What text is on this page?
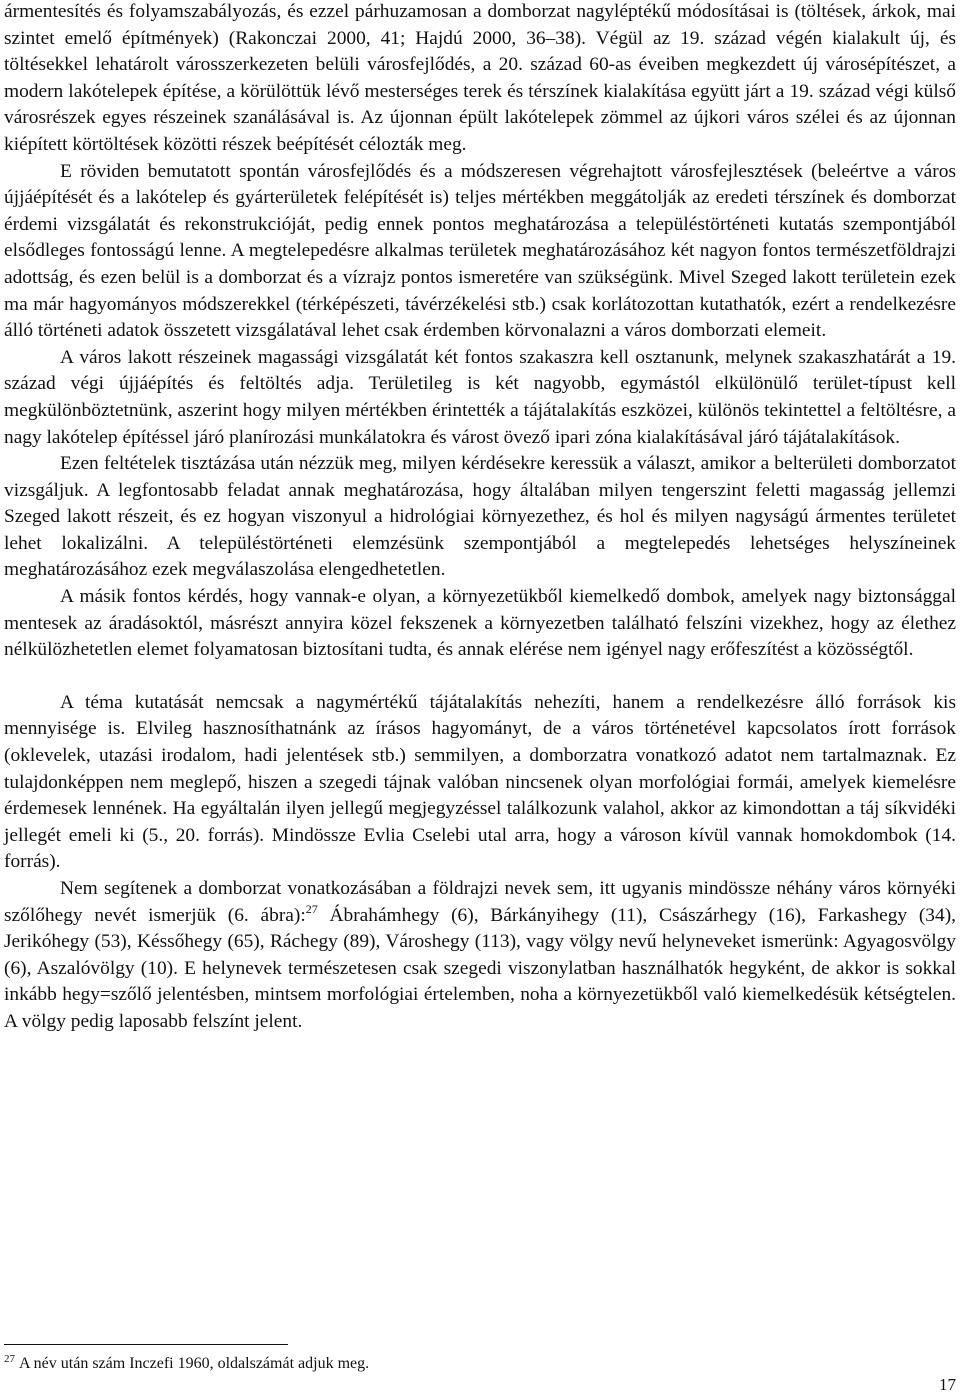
ármentesítés és folyamszabályozás, és ezzel párhuzamosan a domborzat nagyléptékű módosításai is (töltések, árkok, mai szintet emelő építmények) (Rakonczai 2000, 41; Hajdú 2000, 36–38). Végül az 19. század végén kialakult új, és töltésekkel lehatárolt városszerkezeten belüli városfejlődés, a 20. század 60-as éveiben megkezdett új városépítészet, a modern lakótelepek építése, a körülöttük lévő mesterséges terek és térszínek kialakítása együtt járt a 19. század végi külső városrészek egyes részeinek szanálásával is. Az újonnan épült lakótelepek zömmel az újkori város szélei és az újonnan kiépített körtöltések közötti részek beépítését célozták meg.

E röviden bemutatott spontán városfejlődés és a módszeresen végrehajtott városfejlesztések (beleértve a város újjáépítését és a lakótelep és gyárterületek felépítését is) teljes mértékben meggátolják az eredeti térszínek és domborzat érdemi vizsgálatát és rekonstrukcióját, pedig ennek pontos meghatározása a településtörténeti kutatás szempontjából elsődleges fontosságú lenne. A megtelepedésre alkalmas területek meghatározásához két nagyon fontos természetföldrajzi adottság, és ezen belül is a domborzat és a vízrajz pontos ismeretére van szükségünk. Mivel Szeged lakott területein ezek ma már hagyományos módszerekkel (térképészeti, távérzékelési stb.) csak korlátozottan kutathatók, ezért a rendelkezésre álló történeti adatok összetett vizsgálatával lehet csak érdemben körvonalazni a város domborzati elemeit.

A város lakott részeinek magassági vizsgálatát két fontos szakaszra kell osztanunk, melynek szakaszhatárát a 19. század végi újjáépítés és feltöltés adja. Területileg is két nagyobb, egymástól elkülönülő terület-típust kell megkülönböztetnünk, aszerint hogy milyen mértékben érintették a tájátalakítás eszközei, különös tekintettel a feltöltésre, a nagy lakótelep építéssel járó planírozási munkálatokra és várost övező ipari zóna kialakításával járó tájátalakítások.

Ezen feltételek tisztázása után nézzük meg, milyen kérdésekre keressük a választ, amikor a belterületi domborzatot vizsgáljuk. A legfontosabb feladat annak meghatározása, hogy általában milyen tengerszint feletti magasság jellemzi Szeged lakott részeit, és ez hogyan viszonyul a hidrológiai környezethez, és hol és milyen nagyságú ármentes területet lehet lokalizálni. A településtörténeti elemzésünk szempontjából a megtelepedés lehetséges helyszíneinek meghatározásához ezek megválaszolása elengedhetetlen.

A másik fontos kérdés, hogy vannak-e olyan, a környezetükből kiemelkedő dombok, amelyek nagy biztonsággal mentesek az áradásoktól, másrészt annyira közel fekszenek a környezetben található felszíni vizekhez, hogy az élethez nélkülözhetetlen elemet folyamatosan biztosítani tudta, és annak elérése nem igényel nagy erőfeszítést a közösségtől.

A téma kutatását nemcsak a nagymértékű tájátalakítás nehezíti, hanem a rendelkezésre álló források kis mennyisége is. Elvileg hasznosíthatnánk az írásos hagyományt, de a város történetével kapcsolatos írott források (oklevelek, utazási irodalom, hadi jelentések stb.) semmilyen, a domborzatra vonatkozó adatot nem tartalmaznak. Ez tulajdonképpen nem meglepő, hiszen a szegedi tájnak valóban nincsenek olyan morfológiai formái, amelyek kiemelésre érdemesek lennének. Ha egyáltalán ilyen jellegű megjegyzéssel találkozunk valahol, akkor az kimondottan a táj síkvidéki jellegét emeli ki (5., 20. forrás). Mindössze Evlia Cselebi utal arra, hogy a városon kívül vannak homokdombok (14. forrás).

Nem segítenek a domborzat vonatkozásában a földrajzi nevek sem, itt ugyanis mindössze néhány város környéki szőlőhegy nevét ismerjük (6. ábra):$^{27}$ Ábrahámhegy (6), Bárkányihegy (11), Császárhegy (16), Farkashegy (34), Jerikóhegy (53), Késsőhegy (65), Ráchegy (89), Városhegy (113), vagy völgy nevű helyneveket ismerünk: Agyagosvölgy (6), Aszalóvölgy (10). E helynevek természetesen csak szegedi viszonylatban használhatók hegyként, de akkor is sokkal inkább hegy=szőlő jelentésben, mintsem morfológiai értelemben, noha a környezetükből való kiemelkedésük kétségtelen. A völgy pedig laposabb felszínt jelent.

$^{27}$ A név után szám Inczefi 1960, oldalszámát adjuk meg.
17
